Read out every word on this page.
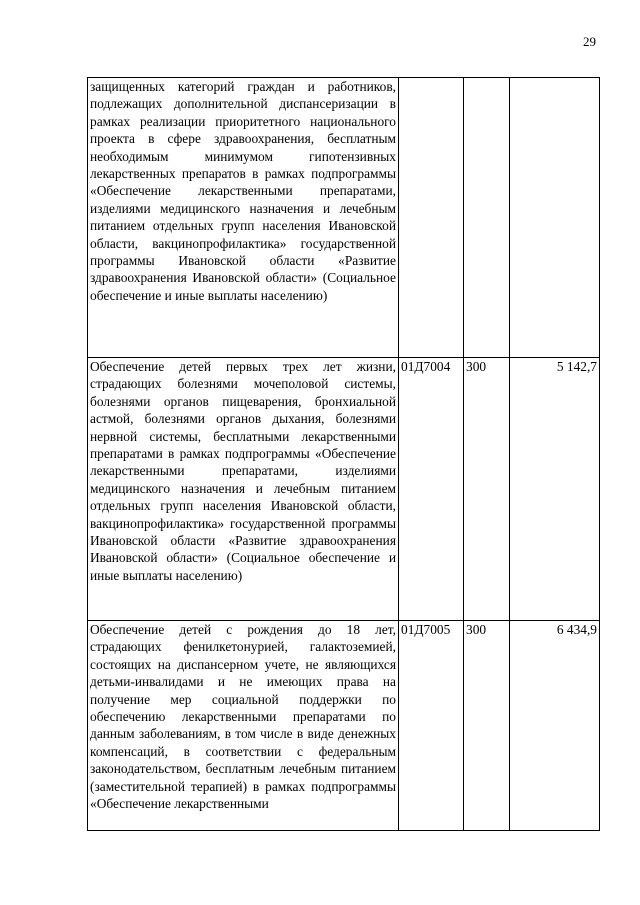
29
защищенных категорий граждан и работников, подлежащих дополнительной диспансеризации в рамках реализации приоритетного национального проекта в сфере здравоохранения, бесплатным необходимым минимумом гипотензивных лекарственных препаратов в рамках подпрограммы «Обеспечение лекарственными препаратами, изделиями медицинского назначения и лечебным питанием отдельных групп населения Ивановской области, вакцинопрофилактика» государственной программы Ивановской области «Развитие здравоохранения Ивановской области» (Социальное обеспечение и иные выплаты населению)			
Обеспечение детей первых трех лет жизни, страдающих болезнями мочеполовой системы, болезнями органов пищеварения, бронхиальной астмой, болезнями органов дыхания, болезнями нервной системы, бесплатными лекарственными препаратами в рамках подпрограммы «Обеспечение лекарственными препаратами, изделиями медицинского назначения и лечебным питанием отдельных групп населения Ивановской области, вакцинопрофилактика» государственной программы Ивановской области «Развитие здравоохранения Ивановской области» (Социальное обеспечение и иные выплаты населению)	01Д7004	300	5 142,7
Обеспечение детей с рождения до 18 лет, страдающих фенилкетонурией, галактоземией, состоящих на диспансерном учете, не являющихся детьми-инвалидами и не имеющих права на получение мер социальной поддержки по обеспечению лекарственными препаратами по данным заболеваниям, в том числе в виде денежных компенсаций, в соответствии с федеральным законодательством, бесплатным лечебным питанием (заместительной терапией) в рамках подпрограммы «Обеспечение лекарственными	01Д7005	300	6 434,9
